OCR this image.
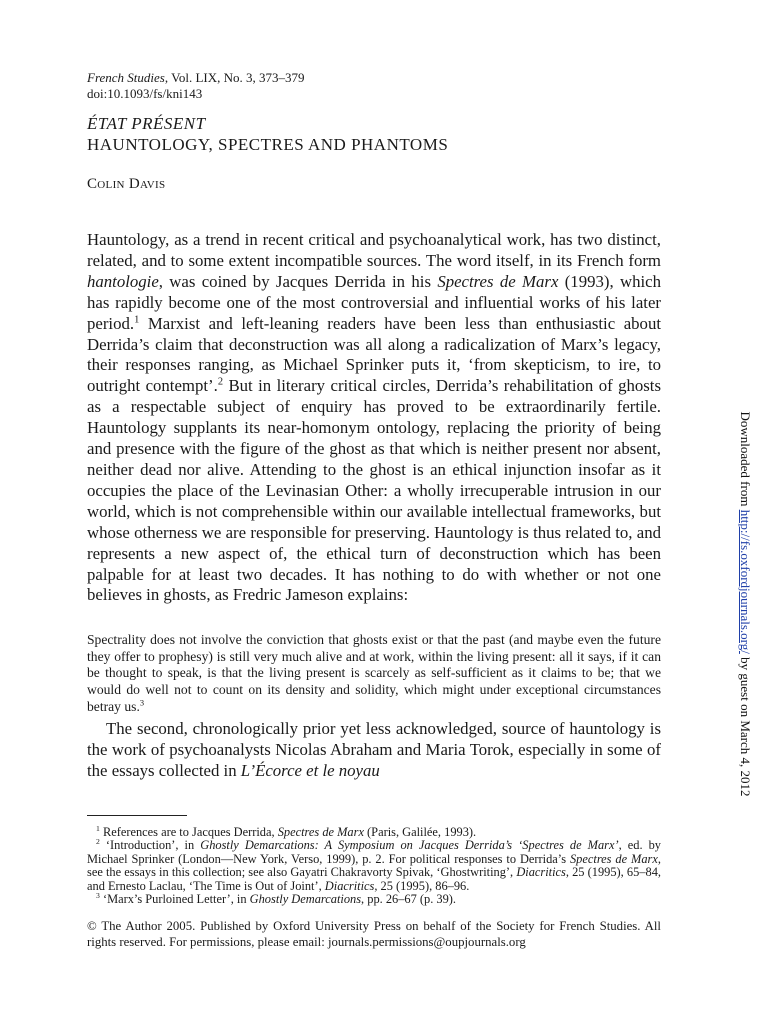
French Studies, Vol. LIX, No. 3, 373–379
doi:10.1093/fs/kni143
ÉTAT PRÉSENT
HAUNTOLOGY, SPECTRES AND PHANTOMS
Colin Davis
Hauntology, as a trend in recent critical and psychoanalytical work, has two distinct, related, and to some extent incompatible sources. The word itself, in its French form hantologie, was coined by Jacques Derrida in his Spectres de Marx (1993), which has rapidly become one of the most controversial and influential works of his later period.$^1$ Marxist and left-leaning readers have been less than enthusiastic about Derrida’s claim that deconstruction was all along a radicalization of Marx’s legacy, their responses ranging, as Michael Sprinker puts it, ‘from skepticism, to ire, to outright contempt’.$^2$ But in literary critical circles, Derrida’s rehabilitation of ghosts as a respectable subject of enquiry has proved to be extraordinarily fertile. Hauntology supplants its near-homonym ontology, replacing the priority of being and presence with the figure of the ghost as that which is neither present nor absent, neither dead nor alive. Attending to the ghost is an ethical injunction insofar as it occupies the place of the Levinasian Other: a wholly irrecuperable intrusion in our world, which is not comprehensible within our available intellectual frameworks, but whose otherness we are responsible for preserving. Hauntology is thus related to, and represents a new aspect of, the ethical turn of deconstruction which has been palpable for at least two decades. It has nothing to do with whether or not one believes in ghosts, as Fredric Jameson explains:
Spectrality does not involve the conviction that ghosts exist or that the past (and maybe even the future they offer to prophesy) is still very much alive and at work, within the living present: all it says, if it can be thought to speak, is that the living present is scarcely as self-sufficient as it claims to be; that we would do well not to count on its density and solidity, which might under exceptional circumstances betray us.$^3$
The second, chronologically prior yet less acknowledged, source of hauntology is the work of psychoanalysts Nicolas Abraham and Maria Torok, especially in some of the essays collected in L’Écorce et le noyau

$^1$ References are to Jacques Derrida, Spectres de Marx (Paris, Galilée, 1993).

$^2$ ‘Introduction’, in Ghostly Demarcations: A Symposium on Jacques Derrida’s ‘Spectres de Marx’, ed. by Michael Sprinker (London—New York, Verso, 1999), p. 2. For political responses to Derrida’s Spectres de Marx, see the essays in this collection; see also Gayatri Chakravorty Spivak, ‘Ghostwriting’, Diacritics, 25 (1995), 65–84, and Ernesto Laclau, ‘The Time is Out of Joint’, Diacritics, 25 (1995), 86–96.

$^3$ ‘Marx’s Purloined Letter’, in Ghostly Demarcations, pp. 26–67 (p. 39).

© The Author 2005. Published by Oxford University Press on behalf of the Society for French Studies. All rights reserved. For permissions, please email: journals.permissions@oupjournals.org
Downloaded from http://fs.oxfordjournals.org/ by guest on March 4, 2012
